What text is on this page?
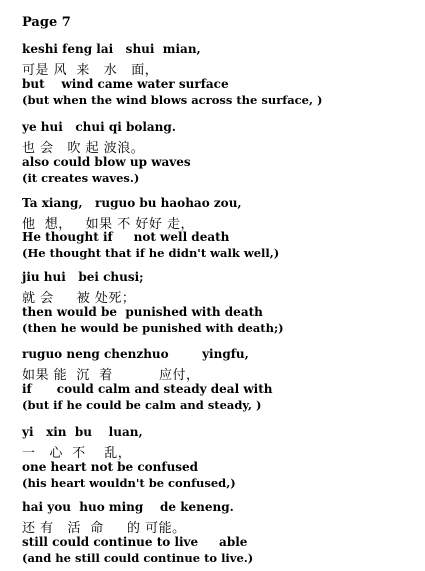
Page 7
keshi feng lai   shui  mian,
可是 风  来   水   面，
but    wind came water surface
(but when the wind blows across the surface, )
ye hui   chui qi bolang.
也 会   吹 起 波浪。
also could blow up waves
(it creates waves.)
Ta xiang,   ruguo bu haohao zou,
他  想，   如果 不 好好 走，
He thought if     not well death
(He thought that if he didn't walk well,)
jiu hui   bei chusi;
就 会     被 处死；
then would be  punished with death
(then he would be punished with death;)
ruguo neng chenzhuo        yingfu,
如果 能  沉  着          应付，
if      could calm and steady deal with
(but if he could be calm and steady, )
yi   xin  bu    luan,
一   心  不    乱，
one heart not be confused
(his heart wouldn't be confused,)
hai you  huo ming    de keneng.
还 有   活  命     的 可能。
still could continue to live     able
(and he still could continue to live.)
